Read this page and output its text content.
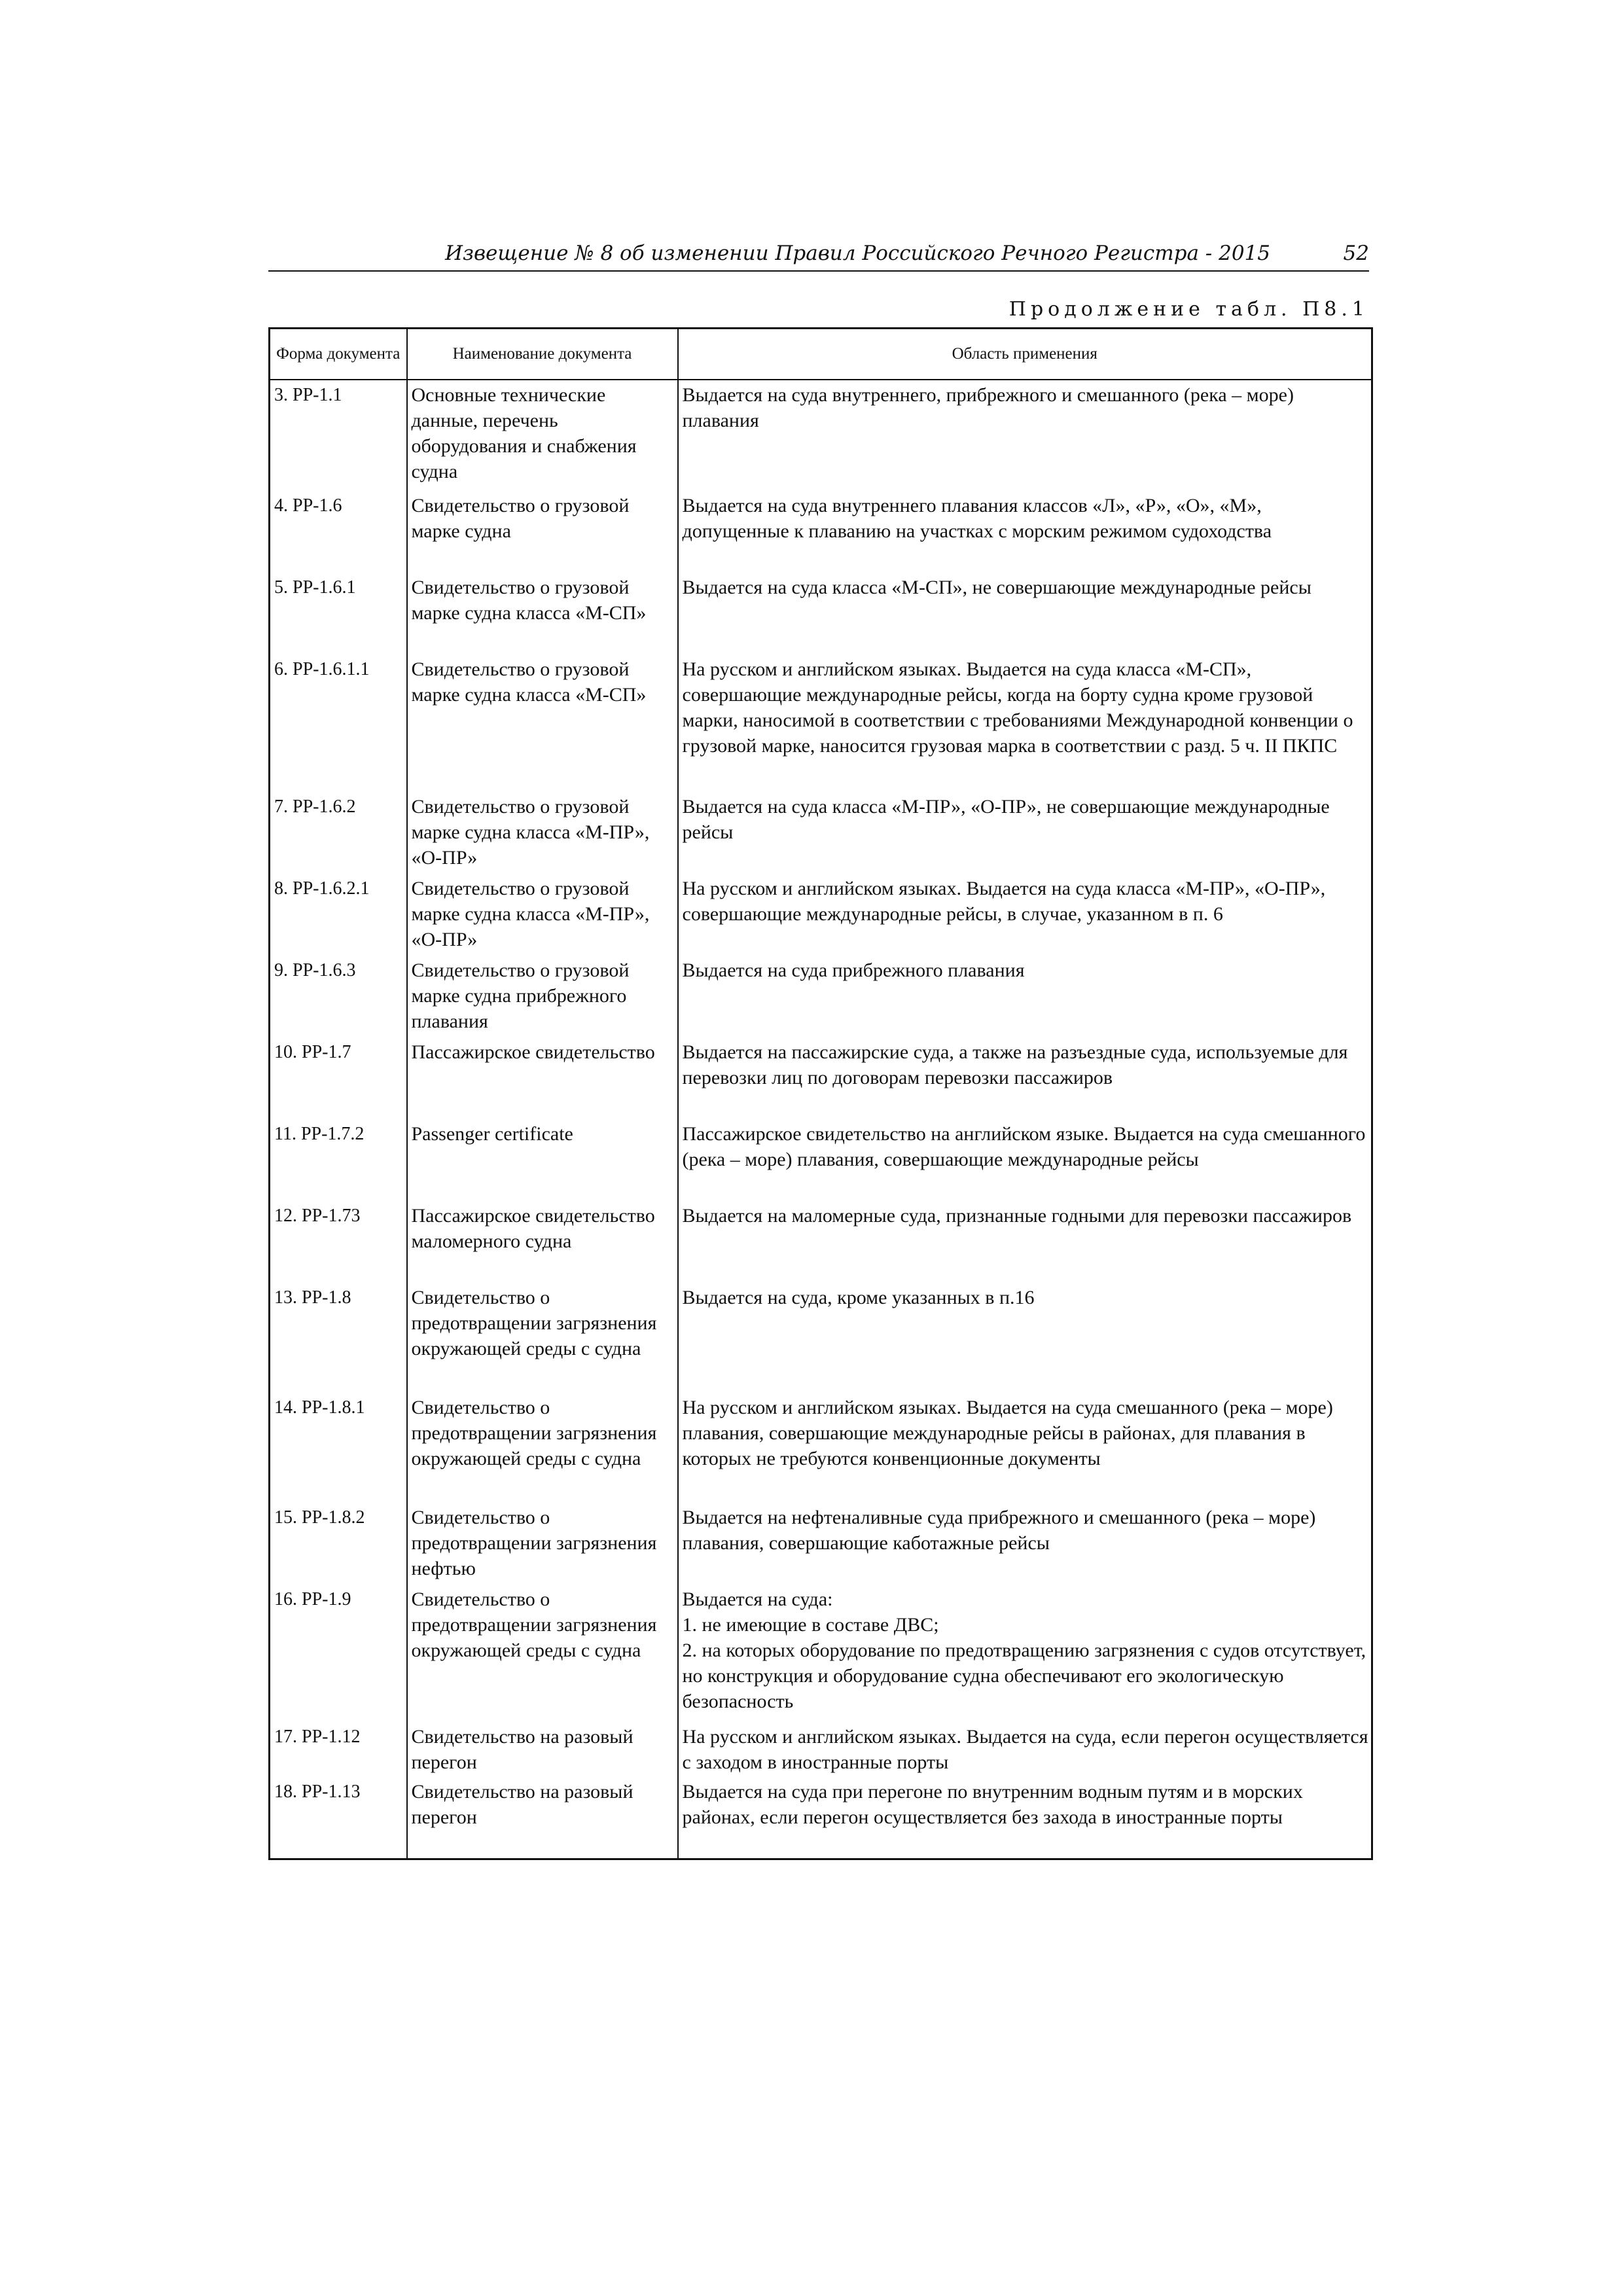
Извещение № 8 об изменении Правил Российского Речного Регистра - 2015	52
Продолжение табл. П8.1
Форма документа	Наименование документа	Область применения
3. РР-1.1	Основные технические данные, перечень оборудования и снабжения судна	Выдается на суда внутреннего, прибрежного и смешанного (река – море) плавания
4. РР-1.6	Свидетельство о грузовой марке судна	Выдается на суда внутреннего плавания классов «Л», «Р», «О», «М», допущенные к плаванию на участках с морским режимом судоходства
5. РР-1.6.1	Свидетельство о грузовой марке судна класса «М-СП»	Выдается на суда класса «М-СП», не совершающие международные рейсы
6. РР-1.6.1.1	Свидетельство о грузовой марке судна класса «М-СП»	На русском и английском языках. Выдается на суда класса «М-СП», совершающие международные рейсы, когда на борту судна кроме грузовой марки, наносимой в соответствии с требованиями Международной конвенции о грузовой марке, наносится грузовая марка в соответствии с разд. 5 ч. II ПКПС
7. РР-1.6.2	Свидетельство о грузовой марке судна класса «М-ПР», «О-ПР»	Выдается на суда класса «М-ПР», «О-ПР», не совершающие международные рейсы
8. РР-1.6.2.1	Свидетельство о грузовой марке судна класса «М-ПР», «О-ПР»	На русском и английском языках. Выдается на суда класса «М-ПР», «О-ПР», совершающие международные рейсы, в случае, указанном в п. 6
9. РР-1.6.3	Свидетельство о грузовой марке судна прибрежного плавания	Выдается на суда прибрежного плавания
10. РР-1.7	Пассажирское свидетельство	Выдается на пассажирские суда, а также на разъездные суда, используемые для перевозки лиц по договорам перевозки пассажиров
11. РР-1.7.2	Passenger certificate	Пассажирское свидетельство на английском языке. Выдается на суда смешанного (река – море) плавания, совершающие международные рейсы
12. РР-1.73	Пассажирское свидетельство маломерного судна	Выдается на маломерные суда, признанные годными для перевозки пассажиров
13. РР-1.8	Свидетельство о предотвращении загрязнения окружающей среды с судна	Выдается на суда, кроме указанных в п.16
14. РР-1.8.1	Свидетельство о предотвращении загрязнения окружающей среды с судна	На русском и английском языках. Выдается на суда смешанного (река – море) плавания, совершающие международные рейсы в районах, для плавания в которых не требуются конвенционные документы
15. РР-1.8.2	Свидетельство о предотвращении загрязнения нефтью	Выдается на нефтеналивные суда прибрежного и смешанного (река – море) плавания, совершающие каботажные рейсы
16. РР-1.9	Свидетельство о предотвращении загрязнения окружающей среды с судна	Выдается на суда:
1. не имеющие в составе ДВС;
2. на которых оборудование по предотвращению загрязнения с судов отсутствует, но конструкция и оборудование судна обеспечивают его экологическую безопасность

17. РР-1.12	Свидетельство на разовый перегон	На русском и английском языках. Выдается на суда, если перегон осуществляется с заходом в иностранные порты
18. РР-1.13	Свидетельство на разовый перегон	Выдается на суда при перегоне по внутренним водным путям и в морских районах, если перегон осуществляется без захода в иностранные порты
